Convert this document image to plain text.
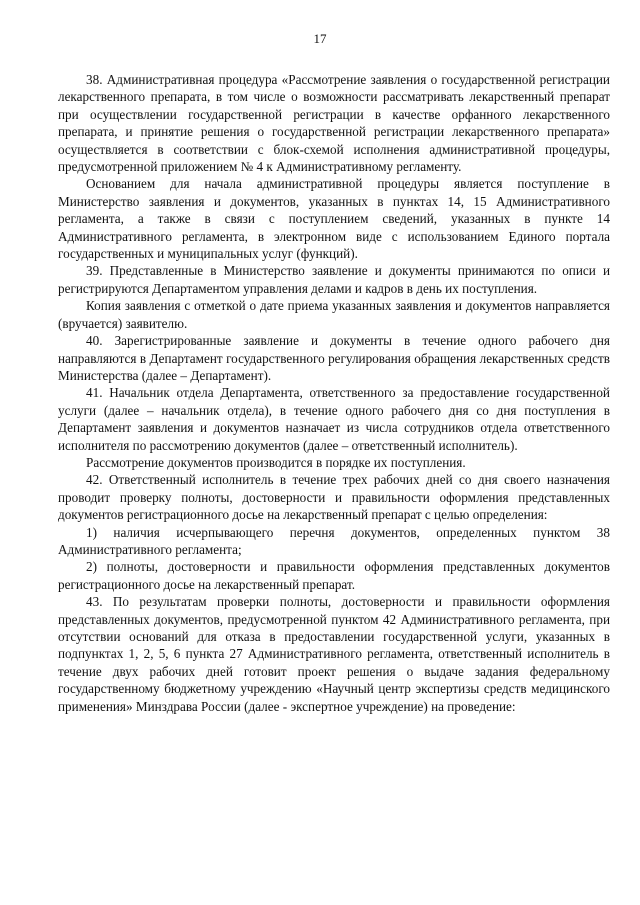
17

38. Административная процедура «Рассмотрение заявления о государственной регистрации лекарственного препарата, в том числе о возможности рассматривать лекарственный препарат при осуществлении государственной регистрации в качестве орфанного лекарственного препарата, и принятие решения о государственной регистрации лекарственного препарата» осуществляется в соответствии с блок-схемой исполнения административной процедуры, предусмотренной приложением № 4 к Административному регламенту.

Основанием для начала административной процедуры является поступление в Министерство заявления и документов, указанных в пунктах 14, 15 Административного регламента, а также в связи с поступлением сведений, указанных в пункте 14 Административного регламента, в электронном виде с использованием Единого портала государственных и муниципальных услуг (функций).

39. Представленные в Министерство заявление и документы принимаются по описи и регистрируются Департаментом управления делами и кадров в день их поступления.

Копия заявления с отметкой о дате приема указанных заявления и документов направляется (вручается) заявителю.

40. Зарегистрированные заявление и документы в течение одного рабочего дня направляются в Департамент государственного регулирования обращения лекарственных средств Министерства (далее – Департамент).

41. Начальник отдела Департамента, ответственного за предоставление государственной услуги (далее – начальник отдела), в течение одного рабочего дня со дня поступления в Департамент заявления и документов назначает из числа сотрудников отдела ответственного исполнителя по рассмотрению документов (далее – ответственный исполнитель).

Рассмотрение документов производится в порядке их поступления.

42. Ответственный исполнитель в течение трех рабочих дней со дня своего назначения проводит проверку полноты, достоверности и правильности оформления представленных документов регистрационного досье на лекарственный препарат с целью определения:

1) наличия исчерпывающего перечня документов, определенных пунктом 38 Административного регламента;

2) полноты, достоверности и правильности оформления представленных документов регистрационного досье на лекарственный препарат.

43. По результатам проверки полноты, достоверности и правильности оформления представленных документов, предусмотренной пунктом 42 Административного регламента, при отсутствии оснований для отказа в предоставлении государственной услуги, указанных в подпунктах 1, 2, 5, 6 пункта 27 Административного регламента, ответственный исполнитель в течение двух рабочих дней готовит проект решения о выдаче задания федеральному государственному бюджетному учреждению «Научный центр экспертизы средств медицинского применения» Минздрава России (далее - экспертное учреждение) на проведение:
